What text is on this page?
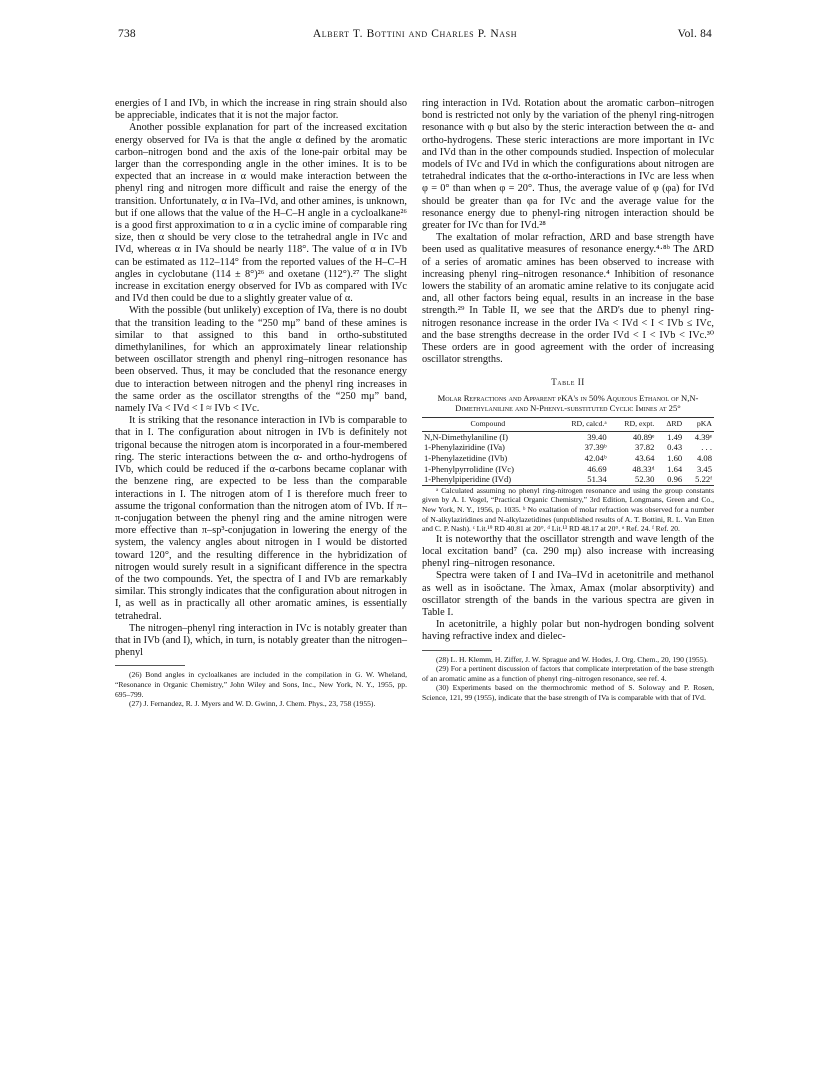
738	Albert T. Bottini and Charles P. Nash	Vol. 84

energies of I and IVb, in which the increase in ring strain should also be appreciable, indicates that it is not the major factor.

Another possible explanation for part of the increased excitation energy observed for IVa is that the angle α defined by the aromatic carbon–nitrogen bond and the axis of the lone-pair orbital may be larger than the corresponding angle in the other imines. It is to be expected that an increase in α would make interaction between the phenyl ring and nitrogen more difficult and raise the energy of the transition. Unfortunately, α in IVa–IVd, and other amines, is unknown, but if one allows that the value of the H–C–H angle in a cycloalkane²⁶ is a good first approximation to α in a cyclic imine of comparable ring size, then α should be very close to the tetrahedral angle in IVc and IVd, whereas α in IVa should be nearly 118°. The value of α in IVb can be estimated as 112–114° from the reported values of the H–C–H angles in cyclobutane (114 ± 8°)²⁶ and oxetane (112°).²⁷ The slight increase in excitation energy observed for IVb as compared with IVc and IVd then could be due to a slightly greater value of α.

With the possible (but unlikely) exception of IVa, there is no doubt that the transition leading to the “250 mμ” band of these amines is similar to that assigned to this band in ortho-substituted dimethylanilines, for which an approximately linear relationship between oscillator strength and phenyl ring–nitrogen resonance has been observed. Thus, it may be concluded that the resonance energy due to interaction between nitrogen and the phenyl ring increases in the same order as the oscillator strengths of the “250 mμ” band, namely IVa < IVd < I ≈ IVb < IVc.

It is striking that the resonance interaction in IVb is comparable to that in I. The configuration about nitrogen in IVb is definitely not trigonal because the nitrogen atom is incorporated in a four-membered ring. The steric interactions between the α- and ortho-hydrogens of IVb, which could be reduced if the α-carbons became coplanar with the benzene ring, are expected to be less than the comparable interactions in I. The nitrogen atom of I is therefore much freer to assume the trigonal conformation than the nitrogen atom of IVb. If π–π-conjugation between the phenyl ring and the amine nitrogen were more effective than π–sp³-conjugation in lowering the energy of the system, the valency angles about nitrogen in I would be distorted toward 120°, and the resulting difference in the hybridization of nitrogen would surely result in a significant difference in the spectra of the two compounds. Yet, the spectra of I and IVb are remarkably similar. This strongly indicates that the configuration about nitrogen in I, as well as in practically all other aromatic amines, is essentially tetrahedral.

The nitrogen–phenyl ring interaction in IVc is notably greater than that in IVb (and I), which, in turn, is notably greater than the nitrogen–phenyl

(26) Bond angles in cycloalkanes are included in the compilation in G. W. Wheland, “Resonance in Organic Chemistry,” John Wiley and Sons, Inc., New York, N. Y., 1955, pp. 695–799.

(27) J. Fernandez, R. J. Myers and W. D. Gwinn, J. Chem. Phys., 23, 758 (1955).

ring interaction in IVd. Rotation about the aromatic carbon–nitrogen bond is restricted not only by the variation of the phenyl ring-nitrogen resonance with φ but also by the steric interaction between the α- and ortho-hydrogens. These steric interactions are more important in IVc and IVd than in the other compounds studied. Inspection of molecular models of IVc and IVd in which the configurations about nitrogen are tetrahedral indicates that the α-ortho-interactions in IVc are less when φ = 0° than when φ = 20°. Thus, the average value of φ (φa) for IVd should be greater than φa for IVc and the average value for the resonance energy due to phenyl-ring nitrogen interaction should be greater for IVc than for IVd.²⁸

The exaltation of molar refraction, ΔRD and base strength have been used as qualitative measures of resonance energy.⁴·⁸ᵇ The ΔRD of a series of aromatic amines has been observed to increase with increasing phenyl ring–nitrogen resonance.⁴ Inhibition of resonance lowers the stability of an aromatic amine relative to its conjugate acid and, all other factors being equal, results in an increase in the base strength.²⁹ In Table II, we see that the ΔRD's due to phenyl ring-nitrogen resonance increase in the order IVa < IVd < I < IVb ≤ IVc, and the base strengths decrease in the order IVd < I < IVb < IVc.³⁰ These orders are in good agreement with the order of increasing oscillator strengths.

Table II
Molar Refractions and Apparent pKA's in 50% Aqueous Ethanol of N,N-Dimethylaniline and N-Phenyl-substituted Cyclic Imines at 25°
Compound	RD, calcd.ᵃ	RD, expt.	ΔRD	pKA
N,N-Dimethylaniline (I)	39.40	40.89ᵉ	1.49	4.39ᵉ
1-Phenylaziridine (IVa)	37.39ᵇ	37.82	0.43	. . .
1-Phenylazetidine (IVb)	42.04ᵇ	43.64	1.60	4.08
1-Phenylpyrrolidine (IVc)	46.69	48.33ᵈ	1.64	3.45
1-Phenylpiperidine (IVd)	51.34	52.30	0.96	5.22ᶠ

ᵃ Calculated assuming no phenyl ring-nitrogen resonance and using the group constants given by A. I. Vogel, “Practical Organic Chemistry,” 3rd Edition, Longmans, Green and Co., New York, N. Y., 1956, p. 1035. ᵇ No exaltation of molar refraction was observed for a number of N-alkylaziridines and N-alkylazetidines (unpublished results of A. T. Bottini, R. L. Van Etten and C. P. Nash). ᶜ Lit.¹⁹ RD 40.81 at 20°. ᵈ Lit.¹³ RD 48.17 at 20°. ᵉ Ref. 24. ᶠ Ref. 20.

It is noteworthy that the oscillator strength and wave length of the local excitation band⁷ (ca. 290 mμ) also increase with increasing phenyl ring–nitrogen resonance.

Spectra were taken of I and IVa–IVd in acetonitrile and methanol as well as in isoöctane. The λmax, Amax (molar absorptivity) and oscillator strength of the bands in the various spectra are given in Table I.

In acetonitrile, a highly polar but non-hydrogen bonding solvent having refractive index and dielec-

(28) L. H. Klemm, H. Ziffer, J. W. Sprague and W. Hodes, J. Org. Chem., 20, 190 (1955).

(29) For a pertinent discussion of factors that complicate interpretation of the base strength of an aromatic amine as a function of phenyl ring–nitrogen resonance, see ref. 4.

(30) Experiments based on the thermochromic method of S. Soloway and P. Rosen, Science, 121, 99 (1955), indicate that the base strength of IVa is comparable with that of IVd.
